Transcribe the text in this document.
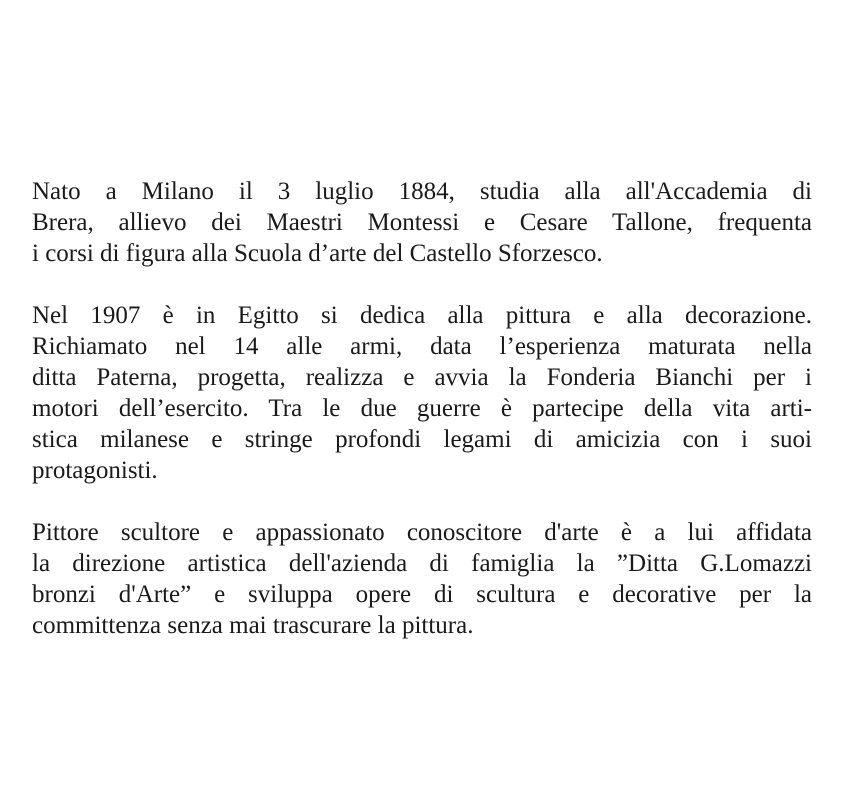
Nato a Milano il 3 luglio 1884, studia alla all'Accademia di
Brera, allievo dei Maestri Montessi e Cesare Tallone, frequenta
i corsi di figura alla Scuola d’arte del Castello Sforzesco.

Nel 1907 è in Egitto si dedica alla pittura e alla decorazione.
Richiamato nel 14 alle armi, data l’esperienza maturata nella
ditta Paterna, progetta, realizza e avvia la Fonderia Bianchi per i
motori dell’esercito. Tra le due guerre è partecipe della vita arti-
stica milanese e stringe profondi legami di amicizia con i suoi
protagonisti.

Pittore scultore e appassionato conoscitore d'arte è a lui affidata
la direzione artistica dell'azienda di famiglia la ”Ditta G.Lomazzi
bronzi d'Arte” e sviluppa opere di scultura e decorative per la
committenza senza mai trascurare la pittura.
